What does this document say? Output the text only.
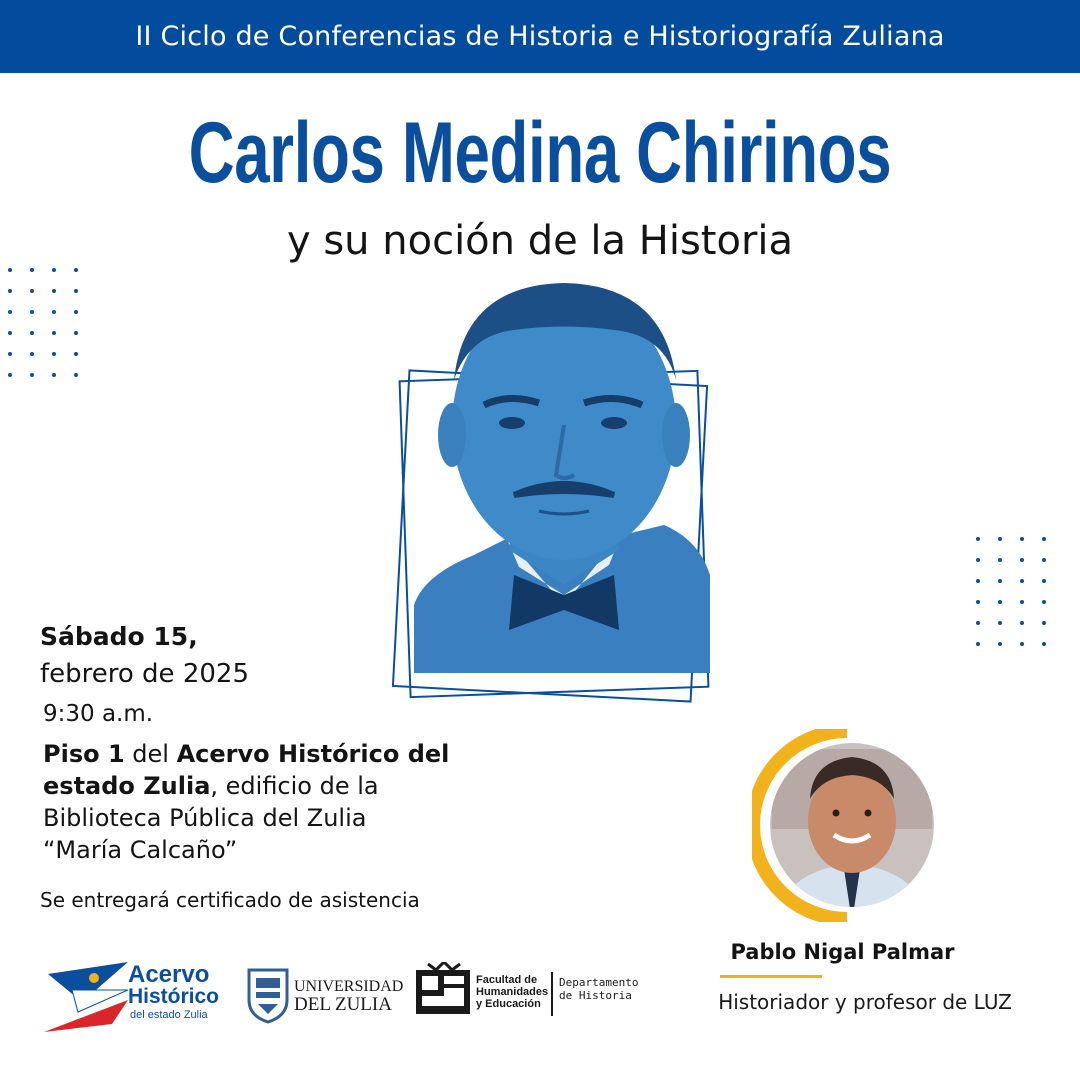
II Ciclo de Conferencias de Historia e Historiografía Zuliana
Carlos Medina Chirinos
y su noción de la Historia
Sábado 15,
febrero de 2025
9:30 a.m.
Piso 1 del Acervo Histórico del estado Zulia, edificio de la
Biblioteca Pública del Zulia
“María Calcaño”
Se entregará certificado de asistencia
Pablo Nigal Palmar
Historiador y profesor de LUZ
Acervo
Histórico
del estado Zulia
UNIVERSIDAD
DEL ZULIA
Facultad de
Humanidades
y Educación
Departamento
de Historia
